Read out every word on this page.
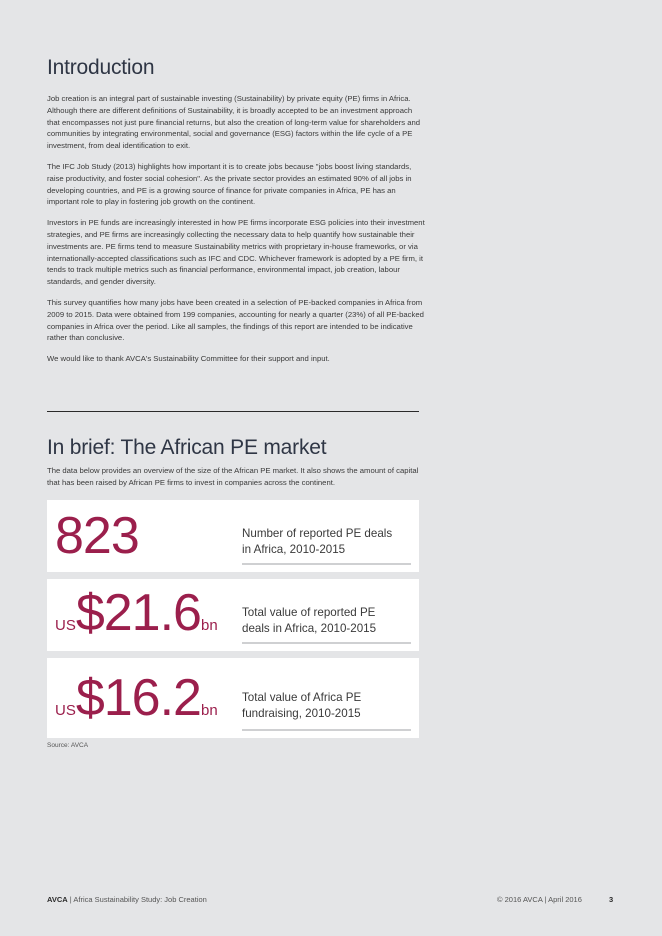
Introduction

Job creation is an integral part of sustainable investing (Sustainability) by private equity (PE) firms in Africa. Although there are different definitions of Sustainability, it is broadly accepted to be an investment approach that encompasses not just pure financial returns, but also the creation of long-term value for shareholders and communities by integrating environmental, social and governance (ESG) factors within the life cycle of a PE investment, from deal identification to exit.

The IFC Job Study (2013) highlights how important it is to create jobs because "jobs boost living standards, raise productivity, and foster social cohesion". As the private sector provides an estimated 90% of all jobs in developing countries, and PE is a growing source of finance for private companies in Africa, PE has an important role to play in fostering job growth on the continent.

Investors in PE funds are increasingly interested in how PE firms incorporate ESG policies into their investment strategies, and PE firms are increasingly collecting the necessary data to help quantify how sustainable their investments are. PE firms tend to measure Sustainability metrics with proprietary in-house frameworks, or via internationally-accepted classifications such as IFC and CDC. Whichever framework is adopted by a PE firm, it tends to track multiple metrics such as financial performance, environmental impact, job creation, labour standards, and gender diversity.

This survey quantifies how many jobs have been created in a selection of PE-backed companies in Africa from 2009 to 2015. Data were obtained from 199 companies, accounting for nearly a quarter (23%) of all PE-backed companies in Africa over the period. Like all samples, the findings of this report are intended to be indicative rather than conclusive.

We would like to thank AVCA's Sustainability Committee for their support and input.

In brief: The African PE market

The data below provides an overview of the size of the African PE market. It also shows the amount of capital that has been raised by African PE firms to invest in companies across the continent.

823	Number of reported PE deals
in Africa, 2010-2015
US$21.6bn
Total value of reported PE
deals in Africa, 2010-2015
US$16.2bn
Total value of Africa PE
fundraising, 2010-2015
Source: AVCA
AVCA | Africa Sustainability Study: Job Creation	© 2016 AVCA | April 2016	3
